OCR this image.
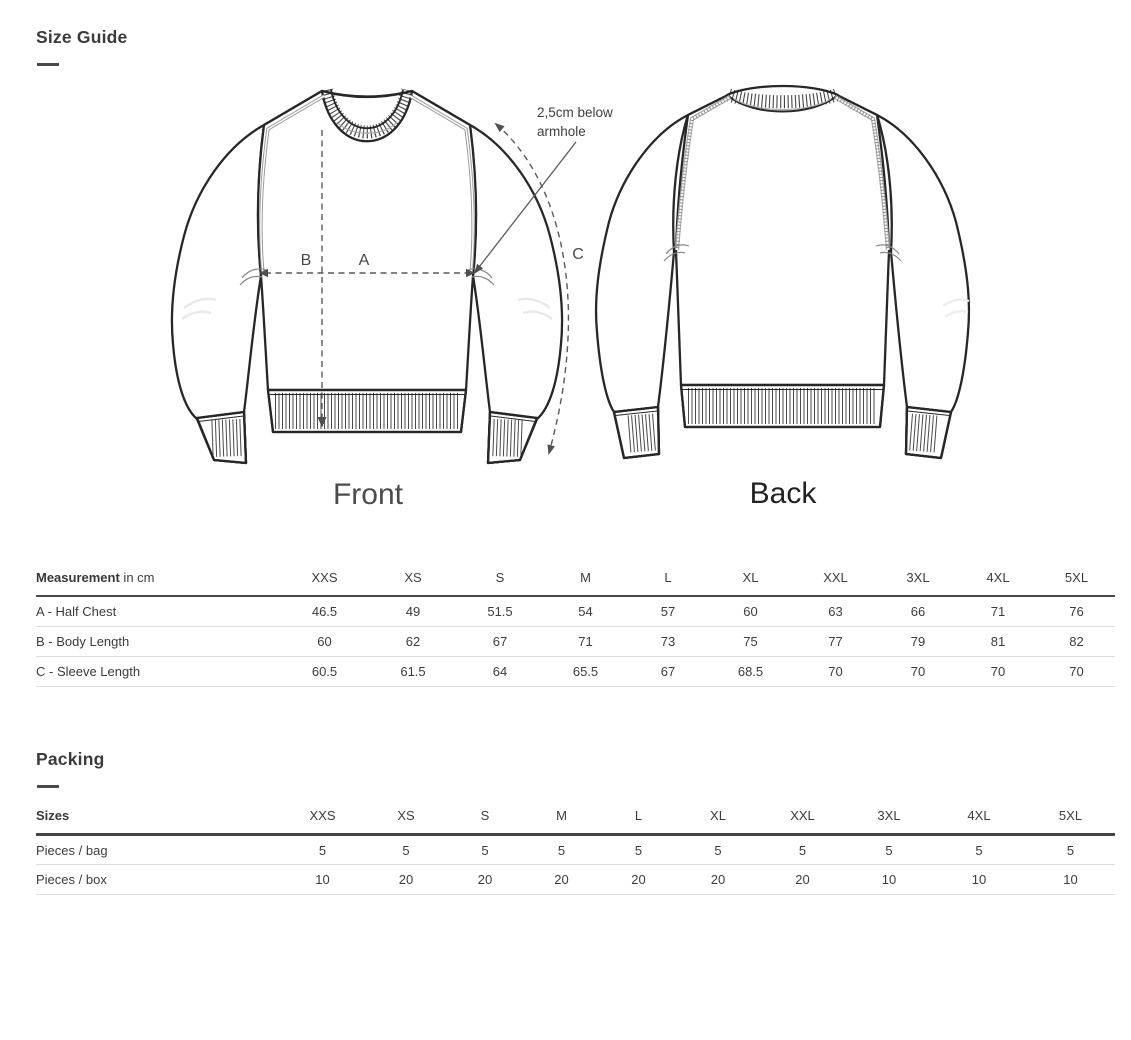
Size Guide
2,5cm below
armhole
B	A	C
Front	Back
Measurement in cm	XXS	XS	S	M	L	XL	XXL	3XL	4XL	5XL
A - Half Chest	46.5	49	51.5	54	57	60	63	66	71	76
B - Body Length	60	62	67	71	73	75	77	79	81	82
C - Sleeve Length	60.5	61.5	64	65.5	67	68.5	70	70	70	70
Packing
Sizes	XXS	XS	S	M	L	XL	XXL	3XL	4XL	5XL
Pieces / bag	5	5	5	5	5	5	5	5	5	5
Pieces / box	10	20	20	20	20	20	20	10	10	10
